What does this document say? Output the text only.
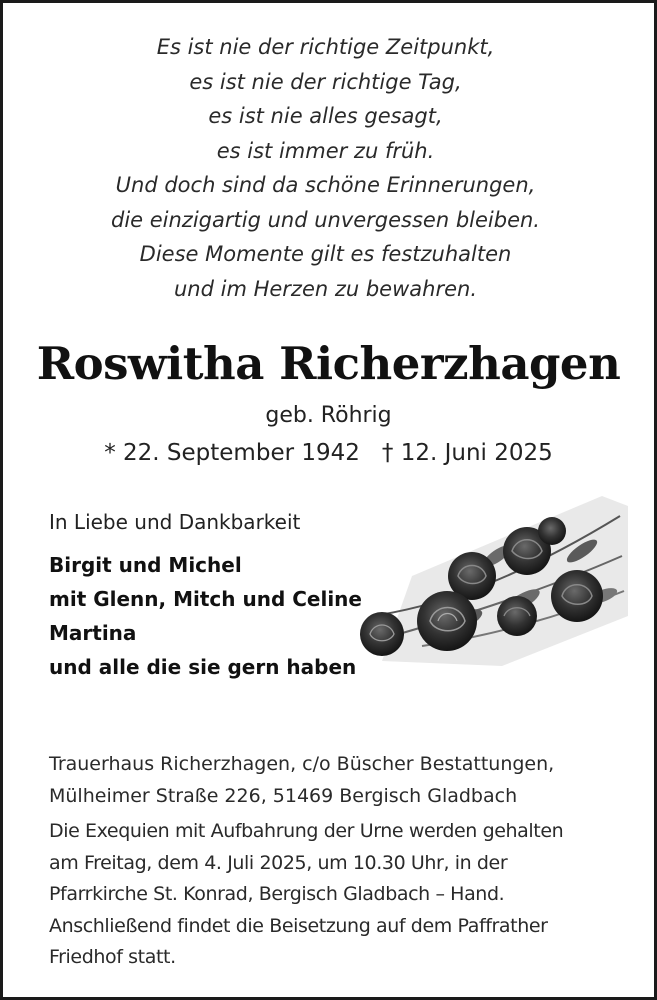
Es ist nie der richtige Zeitpunkt,
es ist nie der richtige Tag,
es ist nie alles gesagt,
es ist immer zu früh.
Und doch sind da schöne Erinnerungen,
die einzigartig und unvergessen bleiben.
Diese Momente gilt es festzuhalten
und im Herzen zu bewahren.
Roswitha Richerzhagen
geb. Röhrig
* 22. September 1942 † 12. Juni 2025
In Liebe und Dankbarkeit
Birgit und Michel
mit Glenn, Mitch und Celine
Martina
und alle die sie gern haben
Trauerhaus Richerzhagen, c/o Büscher Bestattungen,
Mülheimer Straße 226, 51469 Bergisch Gladbach
Die Exequien mit Aufbahrung der Urne werden gehalten
am Freitag, dem 4. Juli 2025, um 10.30 Uhr, in der
Pfarrkirche St. Konrad, Bergisch Gladbach – Hand.
Anschließend findet die Beisetzung auf dem Paffrather
Friedhof statt.
